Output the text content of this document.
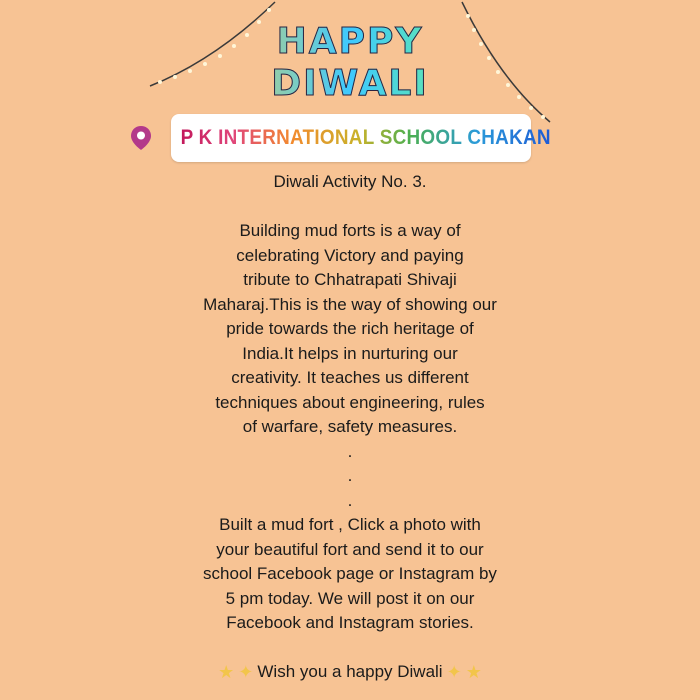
HAPPY
DIWALI
P K INTERNATIONAL SCHOOL CHAKAN

Diwali Activity No. 3.

Building mud forts is a way of

celebrating Victory and paying

tribute to Chhatrapati Shivaji

Maharaj.This is the way of showing our

pride towards the rich heritage of

India.It helps in nurturing our

creativity. It teaches us different

techniques about engineering, rules

of warfare, safety measures.

.

.

.

Built a mud fort , Click a photo with

your beautiful fort and send it to our

school Facebook page or Instagram by

5 pm today. We will post it on our

Facebook and Instagram stories.

★ ✦ Wish you a happy Diwali ✦ ★
